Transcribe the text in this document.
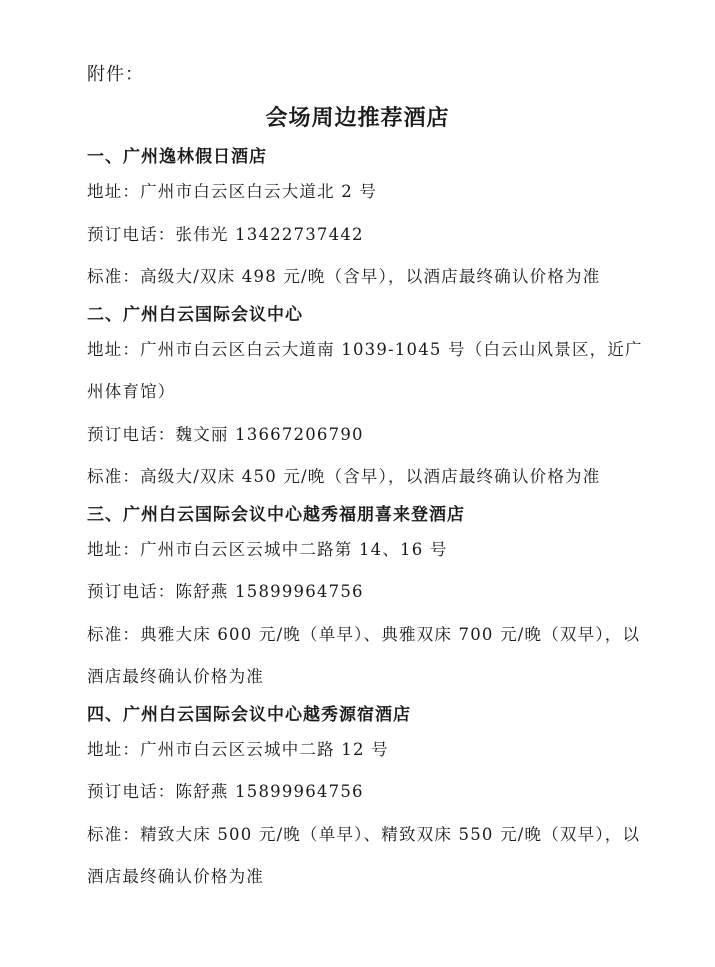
附件：
会场周边推荐酒店

一、广州逸林假日酒店

地址：广州市白云区白云大道北 2 号

预订电话：张伟光 13422737442

标准：高级大/双床 498 元/晚（含早），以酒店最终确认价格为准

二、广州白云国际会议中心

地址：广州市白云区白云大道南 1039-1045 号（白云山风景区，近广州体育馆）

预订电话：魏文丽 13667206790

标准：高级大/双床 450 元/晚（含早），以酒店最终确认价格为准

三、广州白云国际会议中心越秀福朋喜来登酒店

地址：广州市白云区云城中二路第 14、16 号

预订电话：陈舒燕 15899964756

标准：典雅大床 600 元/晚（单早）、典雅双床 700 元/晚（双早），以酒店最终确认价格为准

四、广州白云国际会议中心越秀源宿酒店

地址：广州市白云区云城中二路 12 号

预订电话：陈舒燕 15899964756

标准：精致大床 500 元/晚（单早）、精致双床 550 元/晚（双早），以酒店最终确认价格为准
